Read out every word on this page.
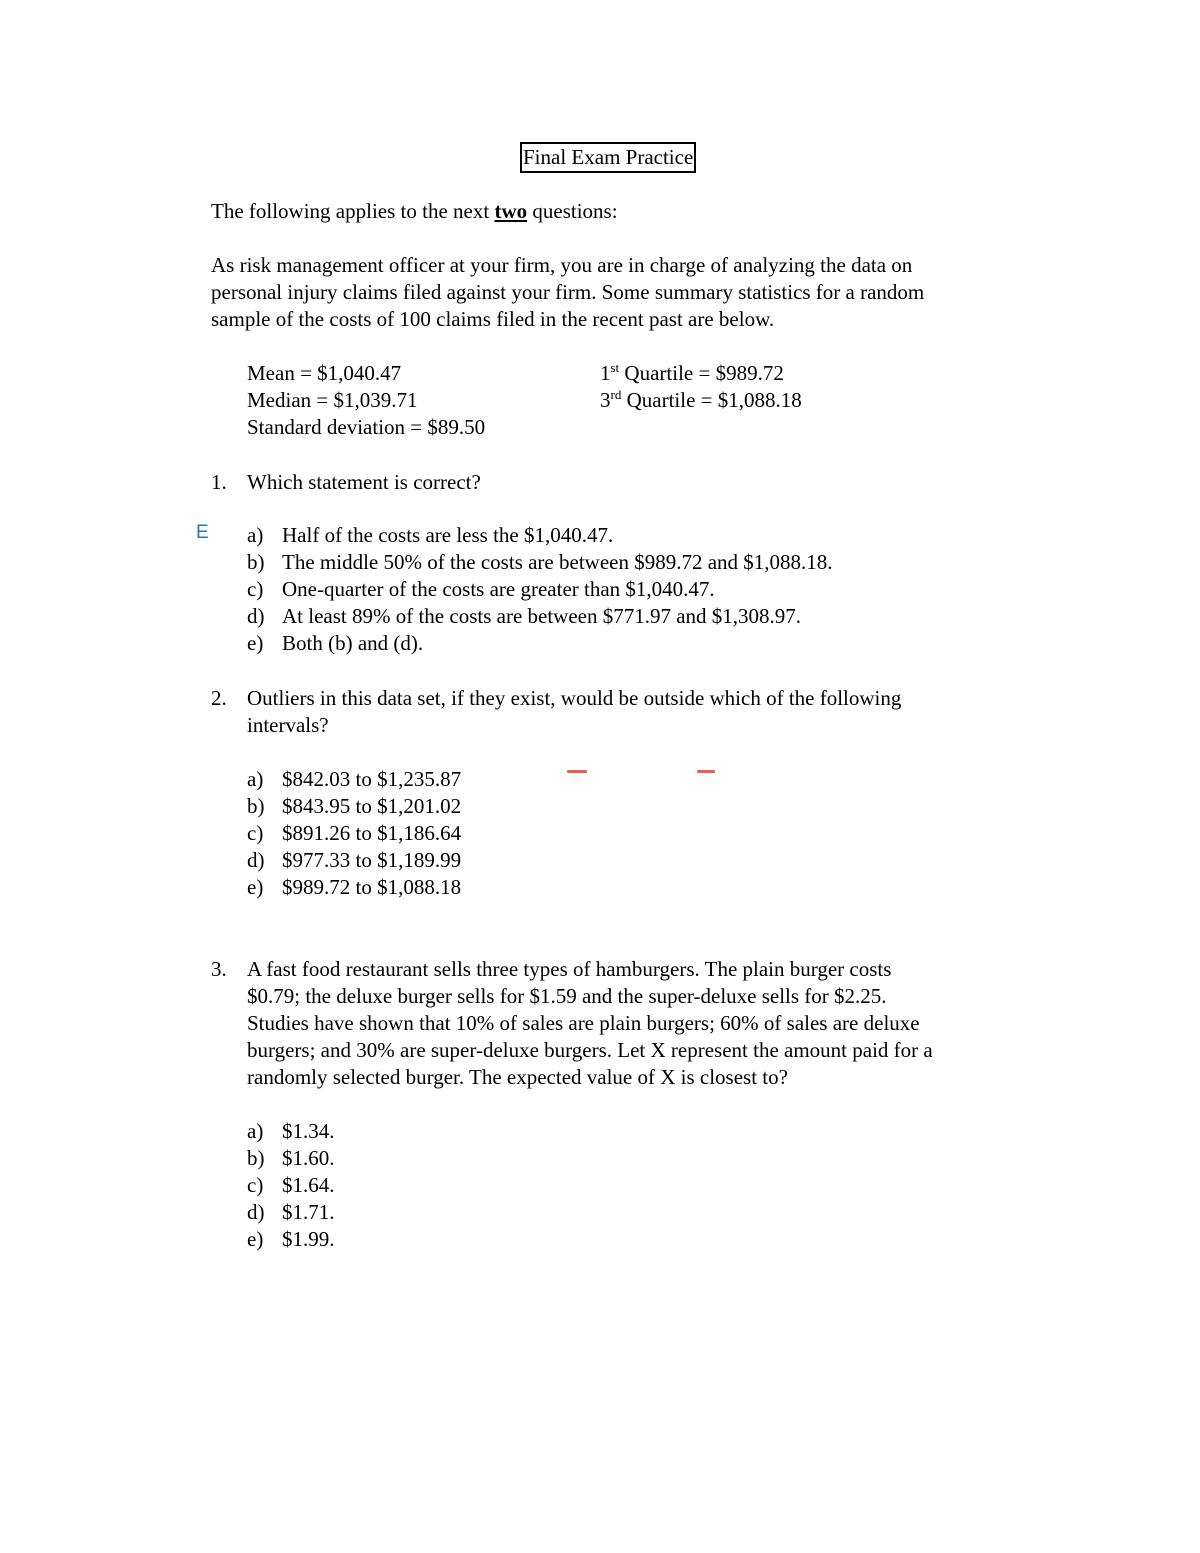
Final Exam Practice
The following applies to the next two questions:
As risk management officer at your firm, you are in charge of analyzing the data on
personal injury claims filed against your firm. Some summary statistics for a random
sample of the costs of 100 claims filed in the recent past are below.
Mean = $1,040.47
Median = $1,039.71
Standard deviation = $89.50
1st Quartile = $989.72
3rd Quartile = $1,088.18
1. Which statement is correct?
E a) Half of the costs are less the $1,040.47.
b) The middle 50% of the costs are between $989.72 and $1,088.18.
c) One-quarter of the costs are greater than $1,040.47.
d) At least 89% of the costs are between $771.97 and $1,308.97.
e) Both (b) and (d).
2. Outliers in this data set, if they exist, would be outside which of the following
intervals?
a) $842.03 to $1,235.87
b) $843.95 to $1,201.02
c) $891.26 to $1,186.64
d) $977.33 to $1,189.99
e) $989.72 to $1,088.18
3. A fast food restaurant sells three types of hamburgers. The plain burger costs
$0.79; the deluxe burger sells for $1.59 and the super-deluxe sells for $2.25.
Studies have shown that 10% of sales are plain burgers; 60% of sales are deluxe
burgers; and 30% are super-deluxe burgers. Let X represent the amount paid for a
randomly selected burger. The expected value of X is closest to?
a) $1.34.
b) $1.60.
c) $1.64.
d) $1.71.
e) $1.99.
